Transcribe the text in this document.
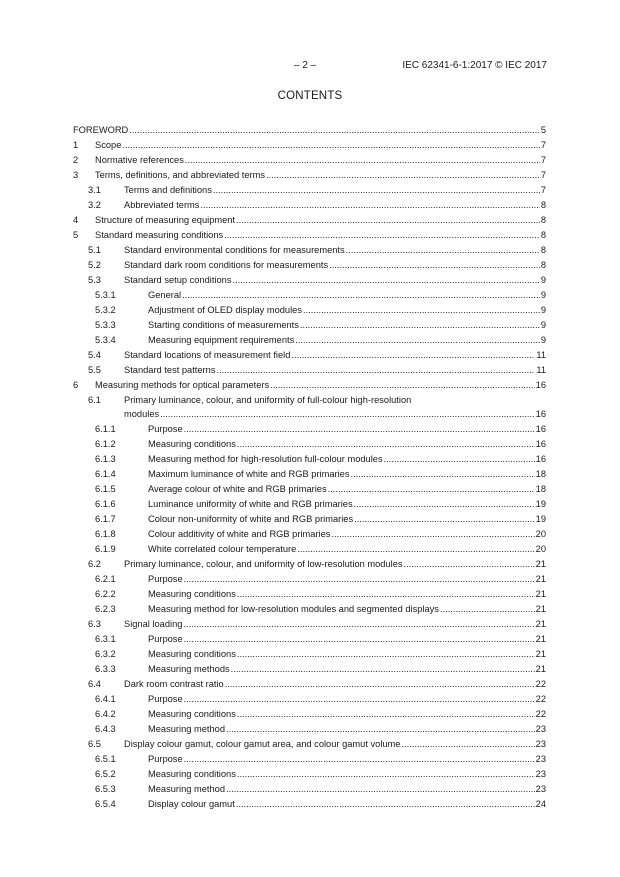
– 2 –	IEC 62341-6-1:2017 © IEC 2017
CONTENTS
FOREWORD .....	5
1 Scope .....	7
2 Normative references .....	7
3 Terms, definitions, and abbreviated terms .....	7
3.1 Terms and definitions .....	7
3.2 Abbreviated terms .....	8
4 Structure of measuring equipment .....	8
5 Standard measuring conditions .....	8
5.1 Standard environmental conditions for measurements .....	8
5.2 Standard dark room conditions for measurements .....	8
5.3 Standard setup conditions .....	9
5.3.1	General .....	9
5.3.2	Adjustment of OLED display modules .....	9
5.3.3	Starting conditions of measurements .....	9
5.3.4	Measuring equipment requirements .....	9
5.4 Standard locations of measurement field .....	11
5.5 Standard test patterns .....	11
6 Measuring methods for optical parameters .....	16
6.1 Primary luminance, colour, and uniformity of full-colour high-resolution
modules .....	16
6.1.1	Purpose .....	16
6.1.2	Measuring conditions .....	16
6.1.3	Measuring method for high-resolution full-colour modules .....	16
6.1.4	Maximum luminance of white and RGB primaries .....	18
6.1.5	Average colour of white and RGB primaries .....	18
6.1.6	Luminance uniformity of white and RGB primaries .....	19
6.1.7	Colour non-uniformity of white and RGB primaries .....	19
6.1.8	Colour additivity of white and RGB primaries .....	20
6.1.9	White correlated colour temperature .....	20
6.2 Primary luminance, colour, and uniformity of low-resolution modules .....	21
6.2.1	Purpose .....	21
6.2.2	Measuring conditions .....	21
6.2.3	Measuring method for low-resolution modules and segmented displays .....	21
6.3 Signal loading .....	21
6.3.1	Purpose .....	21
6.3.2	Measuring conditions .....	21
6.3.3	Measuring methods .....	21
6.4 Dark room contrast ratio .....	22
6.4.1	Purpose .....	22
6.4.2	Measuring conditions .....	22
6.4.3	Measuring method .....	23
6.5 Display colour gamut, colour gamut area, and colour gamut volume .....	23
6.5.1	Purpose .....	23
6.5.2	Measuring conditions .....	23
6.5.3	Measuring method .....	23
6.5.4	Display colour gamut .....	24
